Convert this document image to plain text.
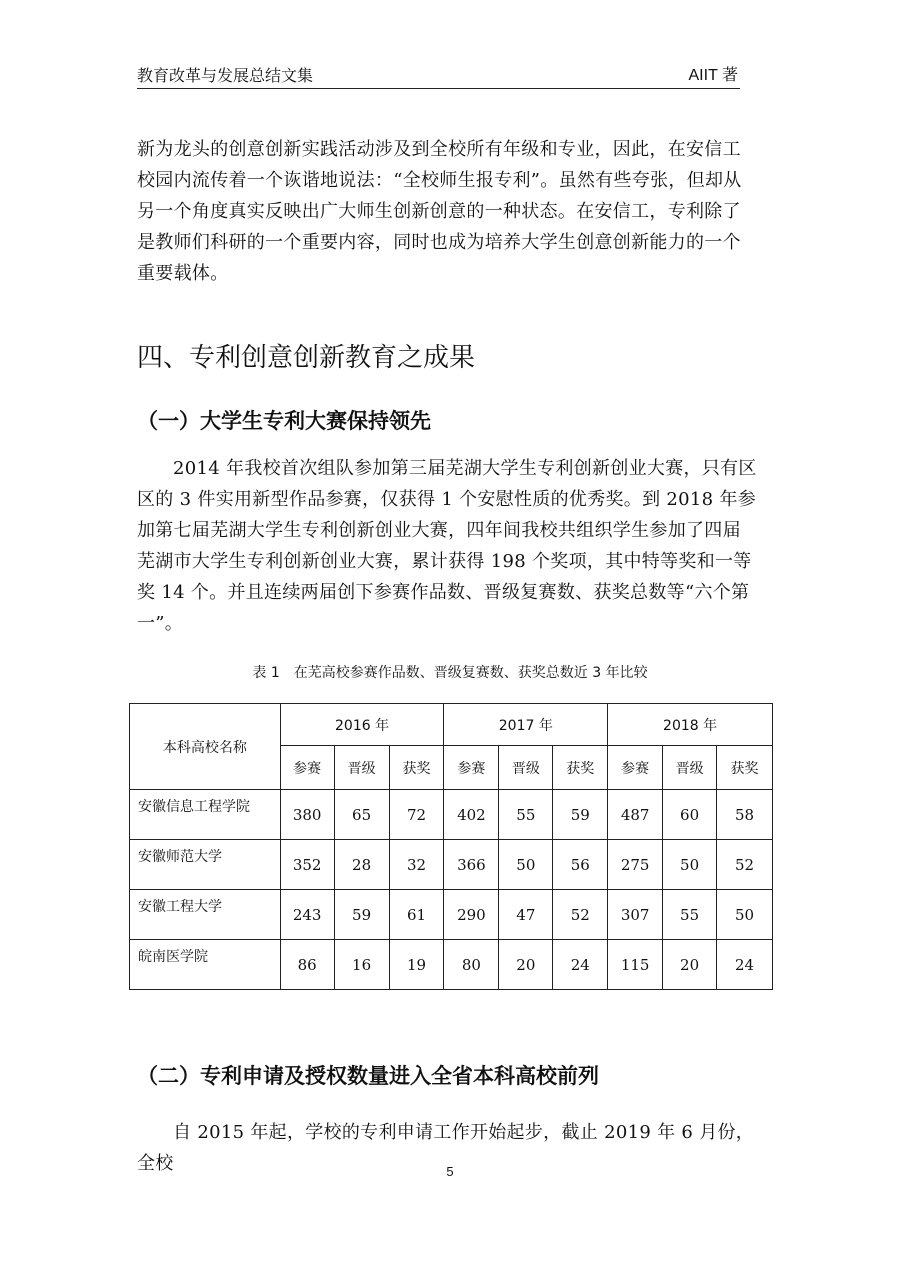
教育改革与发展总结文集	AIIT 著

新为龙头的创意创新实践活动涉及到全校所有年级和专业，因此，在安信工校园内流传着一个诙谐地说法：“全校师生报专利”。虽然有些夸张，但却从另一个角度真实反映出广大师生创新创意的一种状态。在安信工，专利除了是教师们科研的一个重要内容，同时也成为培养大学生创意创新能力的一个重要载体。

四、专利创意创新教育之成果
（一）大学生专利大赛保持领先

2014 年我校首次组队参加第三届芜湖大学生专利创新创业大赛，只有区区的 3 件实用新型作品参赛，仅获得 1 个安慰性质的优秀奖。到 2018 年参加第七届芜湖大学生专利创新创业大赛，四年间我校共组织学生参加了四届芜湖市大学生专利创新创业大赛，累计获得 198 个奖项，其中特等奖和一等奖 14 个。并且连续两届创下参赛作品数、晋级复赛数、获奖总数等“六个第一”。

表 1　在芜高校参赛作品数、晋级复赛数、获奖总数近 3 年比较
本科高校名称	2016 年			2017 年			2018 年		
	参赛	晋级	获奖	参赛	晋级	获奖	参赛	晋级	获奖
安徽信息工程学院	380	65	72	402	55	59	487	60	58
安徽师范大学	352	28	32	366	50	56	275	50	52
安徽工程大学	243	59	61	290	47	52	307	55	50
皖南医学院	86	16	19	80	20	24	115	20	24
（二）专利申请及授权数量进入全省本科高校前列

自 2015 年起，学校的专利申请工作开始起步，截止 2019 年 6 月份，全校	5
